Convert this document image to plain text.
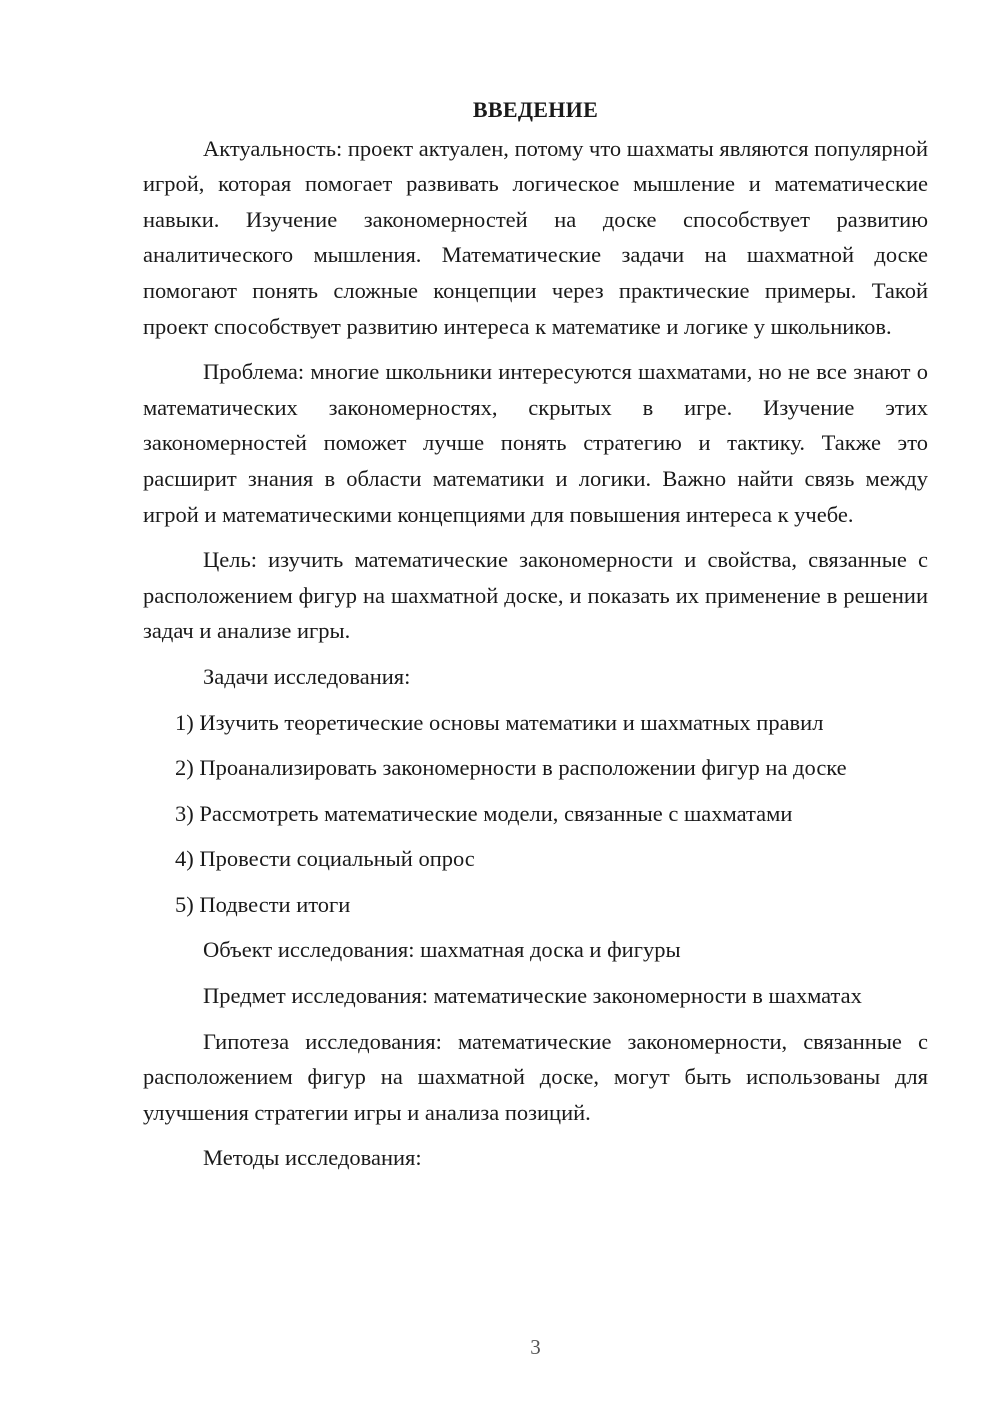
ВВЕДЕНИЕ

Актуальность: проект актуален, потому что шахматы являются популярной игрой, которая помогает развивать логическое мышление и математические навыки. Изучение закономерностей на доске способствует развитию аналитического мышления. Математические задачи на шахматной доске помогают понять сложные концепции через практические примеры. Такой проект способствует развитию интереса к математике и логике у школьников.

Проблема: многие школьники интересуются шахматами, но не все знают о математических закономерностях, скрытых в игре. Изучение этих закономерностей поможет лучше понять стратегию и тактику. Также это расширит знания в области математики и логики. Важно найти связь между игрой и математическими концепциями для повышения интереса к учебе.

Цель: изучить математические закономерности и свойства, связанные с расположением фигур на шахматной доске, и показать их применение в решении задач и анализе игры.

Задачи исследования:

1) Изучить теоретические основы математики и шахматных правил

2) Проанализировать закономерности в расположении фигур на доске

3) Рассмотреть математические модели, связанные с шахматами

4) Провести социальный опрос

5) Подвести итоги

Объект исследования: шахматная доска и фигуры

Предмет исследования: математические закономерности в шахматах

Гипотеза исследования: математические закономерности, связанные с расположением фигур на шахматной доске, могут быть использованы для улучшения стратегии игры и анализа позиций.

Методы исследования:

3
